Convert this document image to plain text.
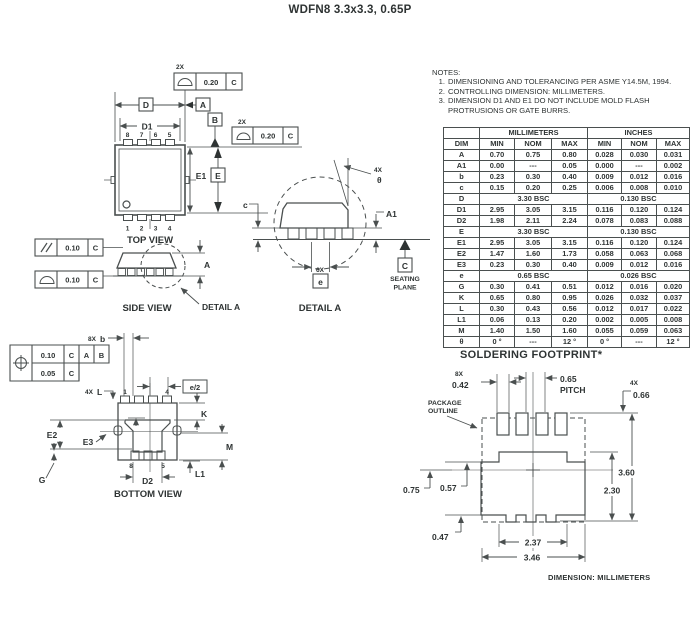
WDFN8 3.3x3.3, 0.65P
2X
0.20 C
2X
0.20 C
D	A
D1
8 7 6 5
1 2 3 4
B
E1 E
TOP VIEW
0.10 C
0.10 C
A
SIDE VIEW	DETAIL A
4X
θ
c
A1
6X
e
C
SEATING
PLANE
DETAIL A
0.10 C A B
0.05 C
8X b
e/2
4X L	1	4
8	5
K
M
L1
E2
E3
G	D2
BOTTOM VIEW
SOLDERING FOOTPRINT*
PACKAGE
OUTLINE
8X
0.42
0.65
PITCH
4X
0.66
3.60
2.30
0.75 0.57
0.47
2.37
3.46
DIMENSION: MILLIMETERS
NOTES:
1. DIMENSIONING AND TOLERANCING PER ASME Y14.5M, 1994.
2. CONTROLLING DIMENSION: MILLIMETERS.
3. DIMENSION D1 AND E1 DO NOT INCLUDE MOLD FLASH PROTRUSIONS OR GATE BURRS.
	MILLIMETERS			INCHES		
DIM	MIN	NOM	MAX	MIN	NOM	MAX
A	0.70	0.75	0.80	0.028	0.030	0.031
A1	0.00	---	0.05	0.000	---	0.002
b	0.23	0.30	0.40	0.009	0.012	0.016
c	0.15	0.20	0.25	0.006	0.008	0.010
D	3.30 BSC			0.130 BSC		
D1	2.95	3.05	3.15	0.116	0.120	0.124
D2	1.98	2.11	2.24	0.078	0.083	0.088
E	3.30 BSC			0.130 BSC		
E1	2.95	3.05	3.15	0.116	0.120	0.124
E2	1.47	1.60	1.73	0.058	0.063	0.068
E3	0.23	0.30	0.40	0.009	0.012	0.016
e	0.65 BSC			0.026 BSC		
G	0.30	0.41	0.51	0.012	0.016	0.020
K	0.65	0.80	0.95	0.026	0.032	0.037
L	0.30	0.43	0.56	0.012	0.017	0.022
L1	0.06	0.13	0.20	0.002	0.005	0.008
M	1.40	1.50	1.60	0.055	0.059	0.063
θ	0 °	---	12 °	0 °	---	12 °
